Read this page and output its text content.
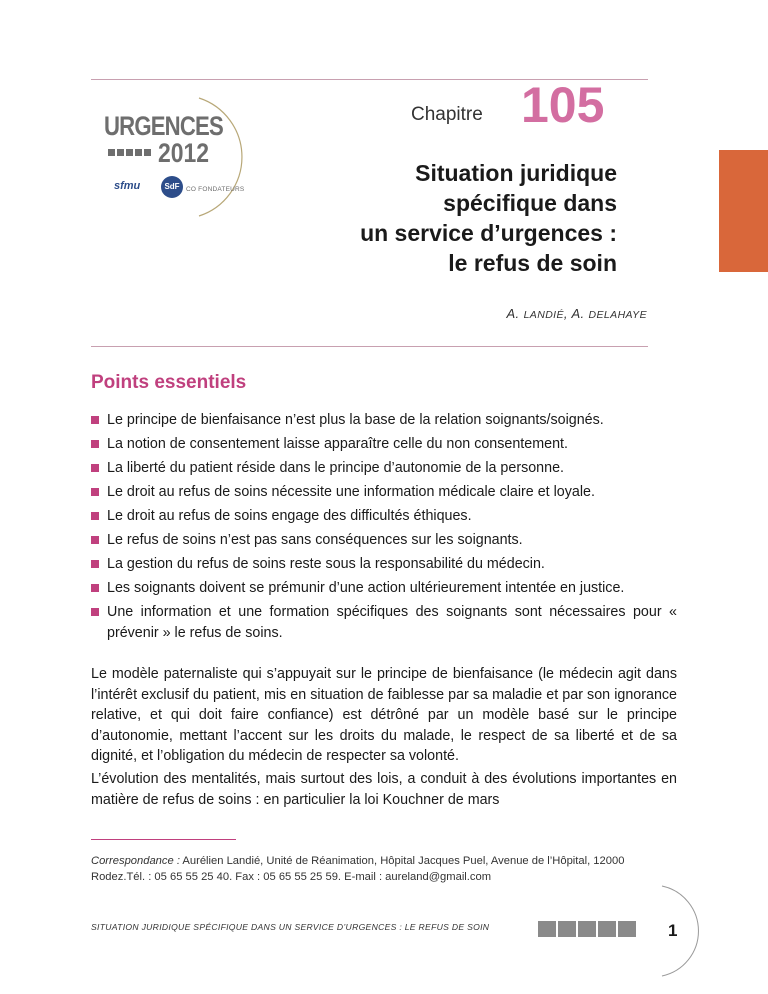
URGENCES
2012
sfmu	SdF CO FONDATEURS
Chapitre 105
Situation juridique
spécifique dans
un service d’urgences :
le refus de soin
A. LANDIÉ, A. DELAHAYE
Points essentiels
Le principe de bienfaisance n’est plus la base de la relation soignants/soignés.
La notion de consentement laisse apparaître celle du non consentement.
La liberté du patient réside dans le principe d’autonomie de la personne.
Le droit au refus de soins nécessite une information médicale claire et loyale.
Le droit au refus de soins engage des difficultés éthiques.
Le refus de soins n’est pas sans conséquences sur les soignants.
La gestion du refus de soins reste sous la responsabilité du médecin.
Les soignants doivent se prémunir d’une action ultérieurement intentée en justice.
Une information et une formation spécifiques des soignants sont nécessaires pour « prévenir » le refus de soins.

Le modèle paternaliste qui s’appuyait sur le principe de bienfaisance (le médecin agit dans l’intérêt exclusif du patient, mis en situation de faiblesse par sa maladie et par son ignorance relative, et qui doit faire confiance) est détrôné par un modèle basé sur le principe d’autonomie, mettant l’accent sur les droits du malade, le respect de sa liberté et de sa dignité, et l’obligation du médecin de respecter sa volonté.

L’évolution des mentalités, mais surtout des lois, a conduit à des évolutions importantes en matière de refus de soins : en particulier la loi Kouchner de mars

Correspondance : Aurélien Landié, Unité de Réanimation, Hôpital Jacques Puel, Avenue de l’Hôpital, 12000 Rodez.Tél. : 05 65 55 25 40. Fax : 05 65 55 25 59. E-mail : aureland@gmail.com

SITUATION JURIDIQUE SPÉCIFIQUE DANS UN SERVICE D’URGENCES : LE REFUS DE SOIN	1
